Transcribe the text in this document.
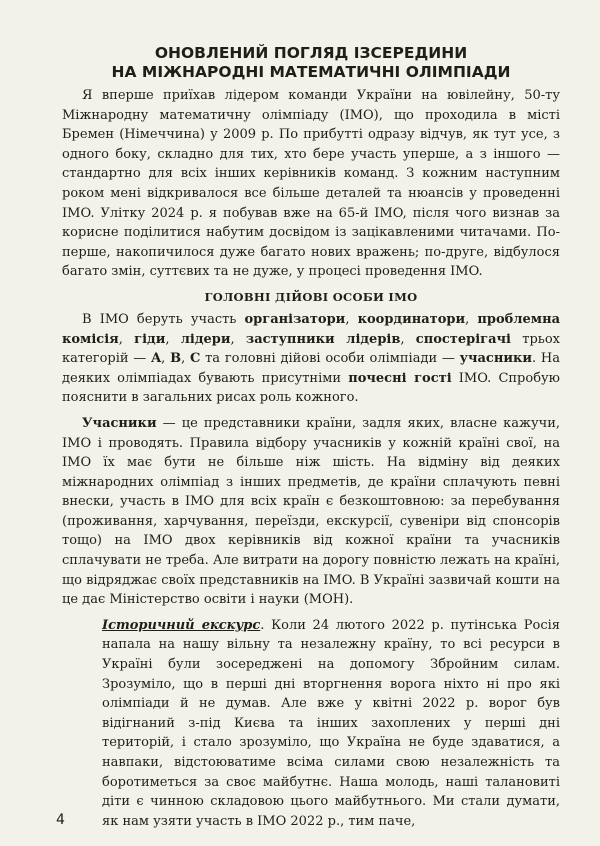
ОНОВЛЕНИЙ ПОГЛЯД ІЗСЕРЕДИНИ
НА МІЖНАРОДНІ МАТЕМАТИЧНІ ОЛІМПІАДИ

Я вперше приїхав лідером команди України на ювілейну, 50-ту Міжнародну математичну олімпіаду (IMO), що проходила в місті Бремен (Німеччина) у 2009 р. По прибутті одразу відчув, як тут усе, з одного боку, складно для тих, хто бере участь уперше, а з іншого — стандартно для всіх інших керівників команд. З кожним наступним роком мені відкривалося все більше деталей та нюансів у проведенні IMO. Улітку 2024 р. я побував вже на 65-й IMO, після чого визнав за корисне поділитися набутим досвідом із зацікавленими читачами. По-перше, накопичилося дуже багато нових вражень; по-друге, відбулося багато змін, суттєвих та не дуже, у процесі проведення IMO.

ГОЛОВНІ ДІЙОВІ ОСОБИ IMO

В IMO беруть участь організатори, координатори, проблемна комісія, гіди, лідери, заступники лідерів, спостерігачі трьох категорій — A, B, C та головні дійові особи олімпіади — учасники. На деяких олімпіадах бувають присутніми почесні гості IMO. Спробую пояснити в загальних рисах роль кожного.

Учасники — це представники країни, задля яких, власне кажучи, IMO і проводять. Правила відбору учасників у кожній країні свої, на IMO їх має бути не більше ніж шість. На відміну від деяких міжнародних олімпіад з інших предметів, де країни сплачують певні внески, участь в IMO для всіх країн є безкоштовною: за перебування (проживання, харчування, переїзди, екскурсії, сувеніри від спонсорів тощо) на IMO двох керівників від кожної країни та учасників сплачувати не треба. Але витрати на дорогу повністю лежать на країні, що відряджає своїх представників на IMO. В Україні зазвичай кошти на це дає Міністерство освіти і науки (МОН).

Історичний екскурс. Коли 24 лютого 2022 р. путінська Росія напала на нашу вільну та незалежну країну, то всі ресурси в Україні були зосереджені на допомогу Збройним силам. Зрозуміло, що в перші дні вторгнення ворога ніхто ні про які олімпіади й не думав. Але вже у квітні 2022 р. ворог був відігнаний з-під Києва та інших захоплених у перші дні територій, і стало зрозуміло, що Україна не буде здаватися, а навпаки, відстоюватиме всіма силами свою незалежність та боротиметься за своє майбутнє. Наша молодь, наші талановиті діти є чинною складовою цього майбутнього. Ми стали думати, як нам узяти участь в IMO 2022 р., тим паче,

4
